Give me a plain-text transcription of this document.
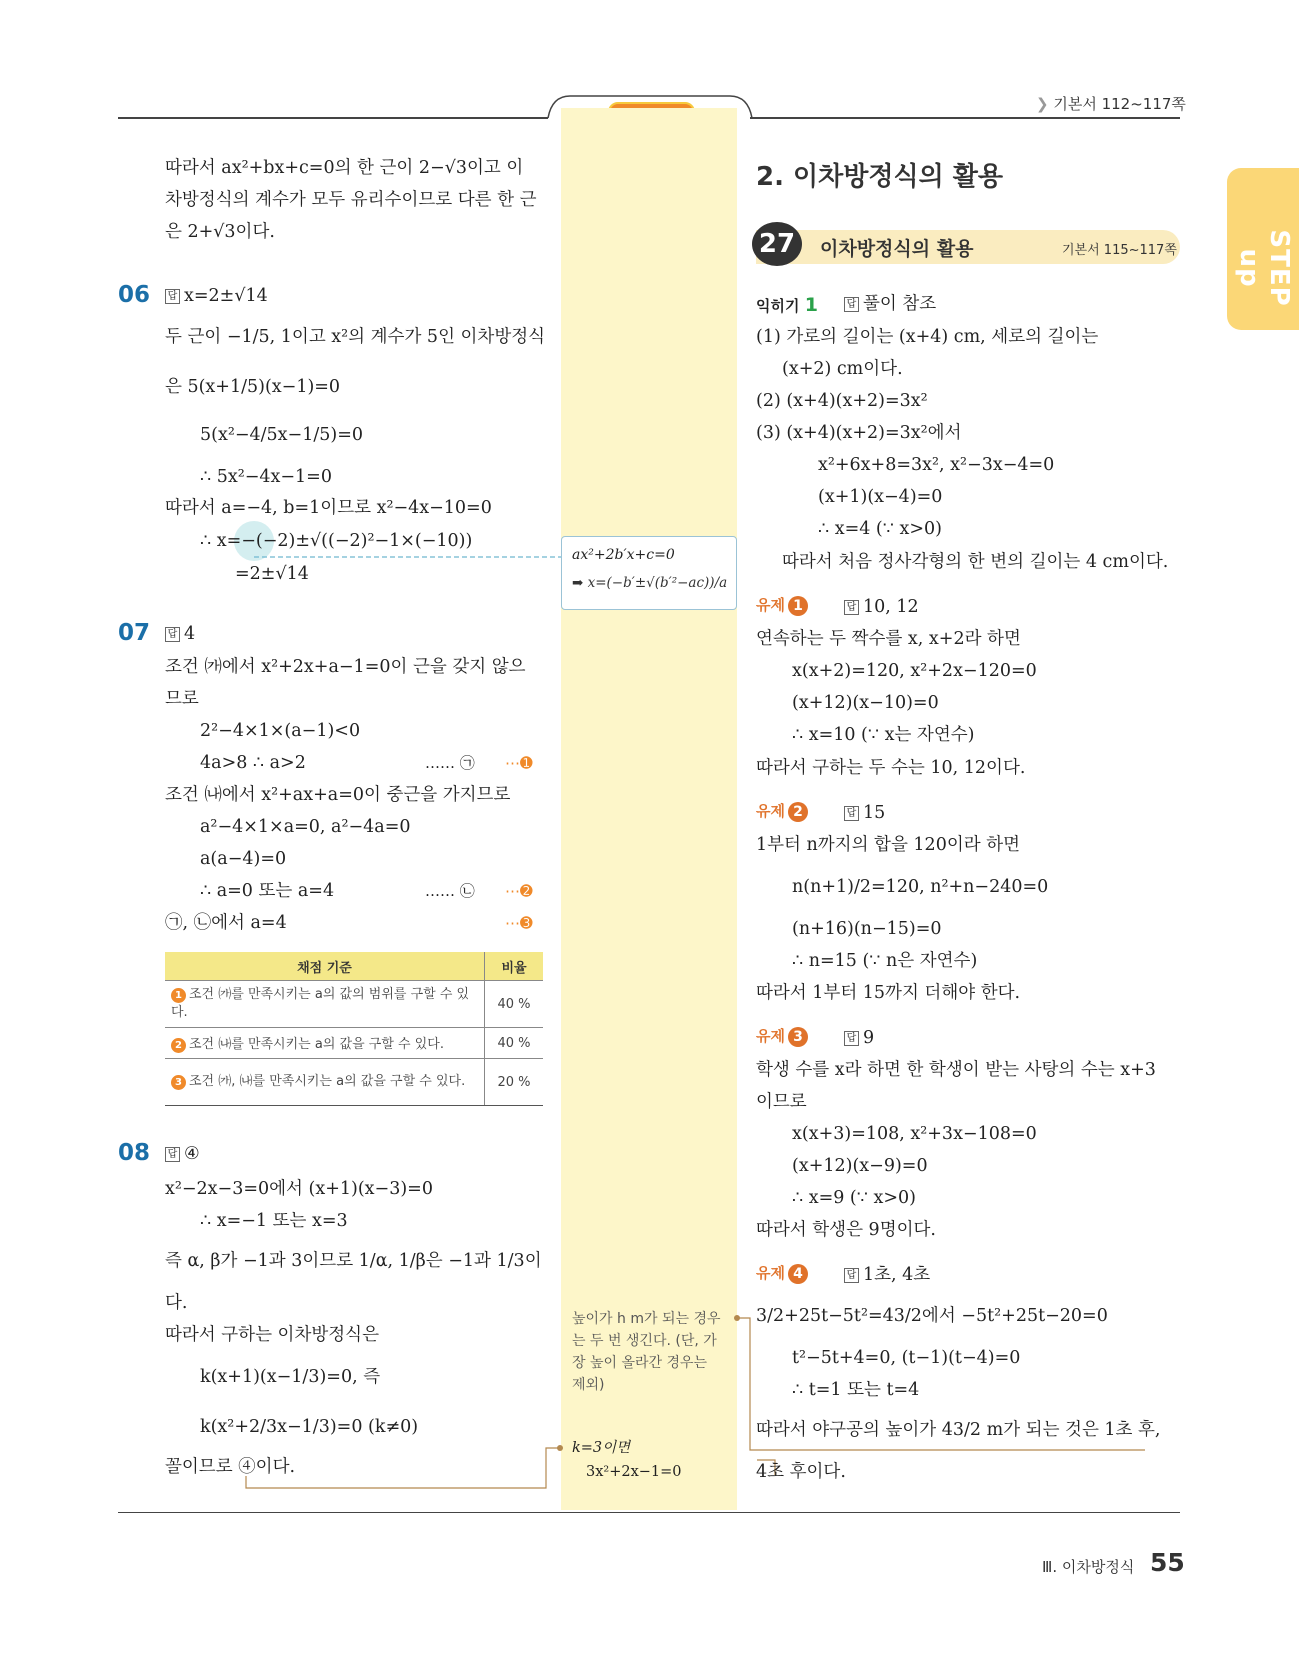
❯ 기본서 112~117쪽
ax²+2b′x+c=0
➡ x=(−b′±√(b′²−ac))/a
높이가 h m가 되는 경우
는 두 번 생긴다. (단, 가
장 높이 올라간 경우는
제외)
k=3이면
3x²+2x−1=0
따라서 ax²+bx+c=0의 한 근이 2−√3이고 이
차방정식의 계수가 모두 유리수이므로 다른 한 근
은 2+√3이다.
06 답 x=2±√14
두 근이 −1/5, 1이고 x²의 계수가 5인 이차방정식
은 5(x+1/5)(x−1)=0
5(x²−4/5x−1/5)=0
∴ 5x²−4x−1=0
따라서 a=−4, b=1이므로 x²−4x−10=0
∴ x=−(−2)±√((−2)²−1×(−10))
=2±√14
07 답 4
조건 ㈎에서 x²+2x+a−1=0이 근을 갖지 않으
므로
2²−4×1×(a−1)<0
4a>8 ∴ a>2	…… ㉠ ⋯➊
조건 ㈏에서 x²+ax+a=0이 중근을 가지므로
a²−4×1×a=0, a²−4a=0
a(a−4)=0
∴ a=0 또는 a=4	…… ㉡ ⋯➋
㉠, ㉡에서 a=4	⋯➌
채점 기준	비율
1 조건 ㈎를 만족시키는 a의 값의 범위를 구할 수 있다.	40 %
2 조건 ㈏를 만족시키는 a의 값을 구할 수 있다.	40 %
3 조건 ㈎, ㈏를 만족시키는 a의 값을 구할 수 있다.	20 %
08 답 ④
x²−2x−3=0에서 (x+1)(x−3)=0
∴ x=−1 또는 x=3
즉 α, β가 −1과 3이므로 1/α, 1/β은 −1과 1/3이
다.
따라서 구하는 이차방정식은
k(x+1)(x−1/3)=0, 즉
k(x²+2/3x−1/3)=0 (k≠0)
꼴이므로 ④이다.
2. 이차방정식의 활용
27	이차방정식의 활용	기본서 115~117쪽
익히기 1	답 풀이 참조
(1) 가로의 길이는 (x+4) cm, 세로의 길이는
(x+2) cm이다.
(2) (x+4)(x+2)=3x²
(3) (x+4)(x+2)=3x²에서
x²+6x+8=3x², x²−3x−4=0
(x+1)(x−4)=0
∴ x=4 (∵ x>0)
따라서 처음 정사각형의 한 변의 길이는 4 cm이다.
유제 1	답 10, 12
연속하는 두 짝수를 x, x+2라 하면
x(x+2)=120, x²+2x−120=0
(x+12)(x−10)=0
∴ x=10 (∵ x는 자연수)
따라서 구하는 두 수는 10, 12이다.
유제 2	답 15
1부터 n까지의 합을 120이라 하면
n(n+1)/2=120, n²+n−240=0
(n+16)(n−15)=0
∴ n=15 (∵ n은 자연수)
따라서 1부터 15까지 더해야 한다.
유제 3	답 9
학생 수를 x라 하면 한 학생이 받는 사탕의 수는 x+3
이므로
x(x+3)=108, x²+3x−108=0
(x+12)(x−9)=0
∴ x=9 (∵ x>0)
따라서 학생은 9명이다.
유제 4	답 1초, 4초
3/2+25t−5t²=43/2에서 −5t²+25t−20=0
t²−5t+4=0, (t−1)(t−4)=0
∴ t=1 또는 t=4
따라서 야구공의 높이가 43/2 m가 되는 것은 1초 후,
4초 후이다.
STEP up
Ⅲ. 이차방정식 55
